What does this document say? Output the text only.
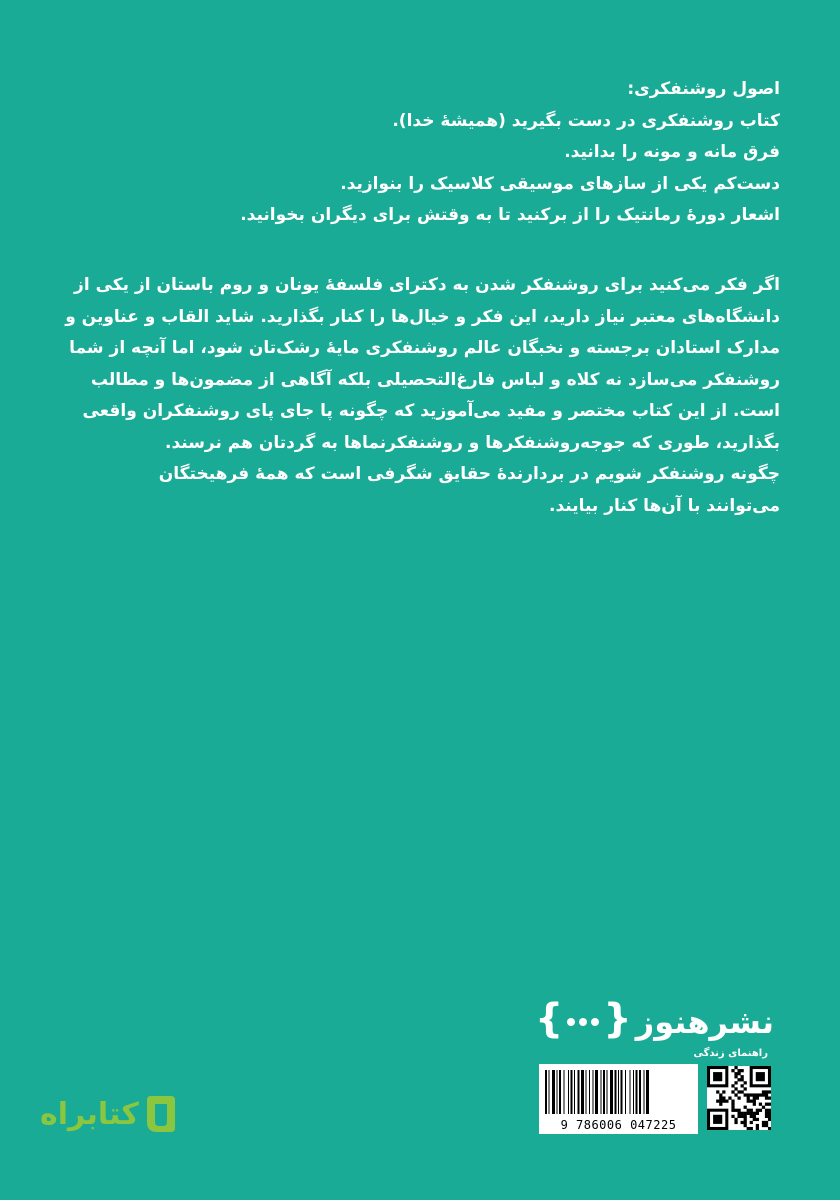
اصول روشنفکری:
کتاب روشنفکری در دست بگیرید (همیشهٔ خدا).
فرق مانه و مونه را بدانید.
دست‌کم یکی از سازهای موسیقی کلاسیک را بنوازید.
اشعار دورهٔ رمانتیک را از برکنید تا به وقتش برای دیگران بخوانید.
اگر فکر می‌کنید برای روشنفکر شدن به دکترای فلسفهٔ یونان و روم باستان از یکی از
دانشگاه‌های معتبر نیاز دارید، این فکر و خیال‌ها را کنار بگذارید. شاید القاب و عناوین و
مدارک استادان برجسته و نخبگان عالم روشنفکری مایهٔ رشک‌تان شود، اما آنچه از شما
روشنفکر می‌سازد نه کلاه و لباس فارغ‌التحصیلی بلکه آگاهی از مضمون‌ها و مطالب
است. از این کتاب مختصر و مفید می‌آموزید که چگونه پا جای پای روشنفکران واقعی
بگذارید، طوری که جوجه‌روشنفکرها و روشنفکرنماها به گردتان هم نرسند.
چگونه روشنفکر شویم در بردارندهٔ حقایق شگرفی است که همهٔ فرهیختگان
می‌توانند با آن‌ها کنار بیایند.
نشرهنوز
{
}
راهنمای زندگی
9 786006 047225
کتابراه
